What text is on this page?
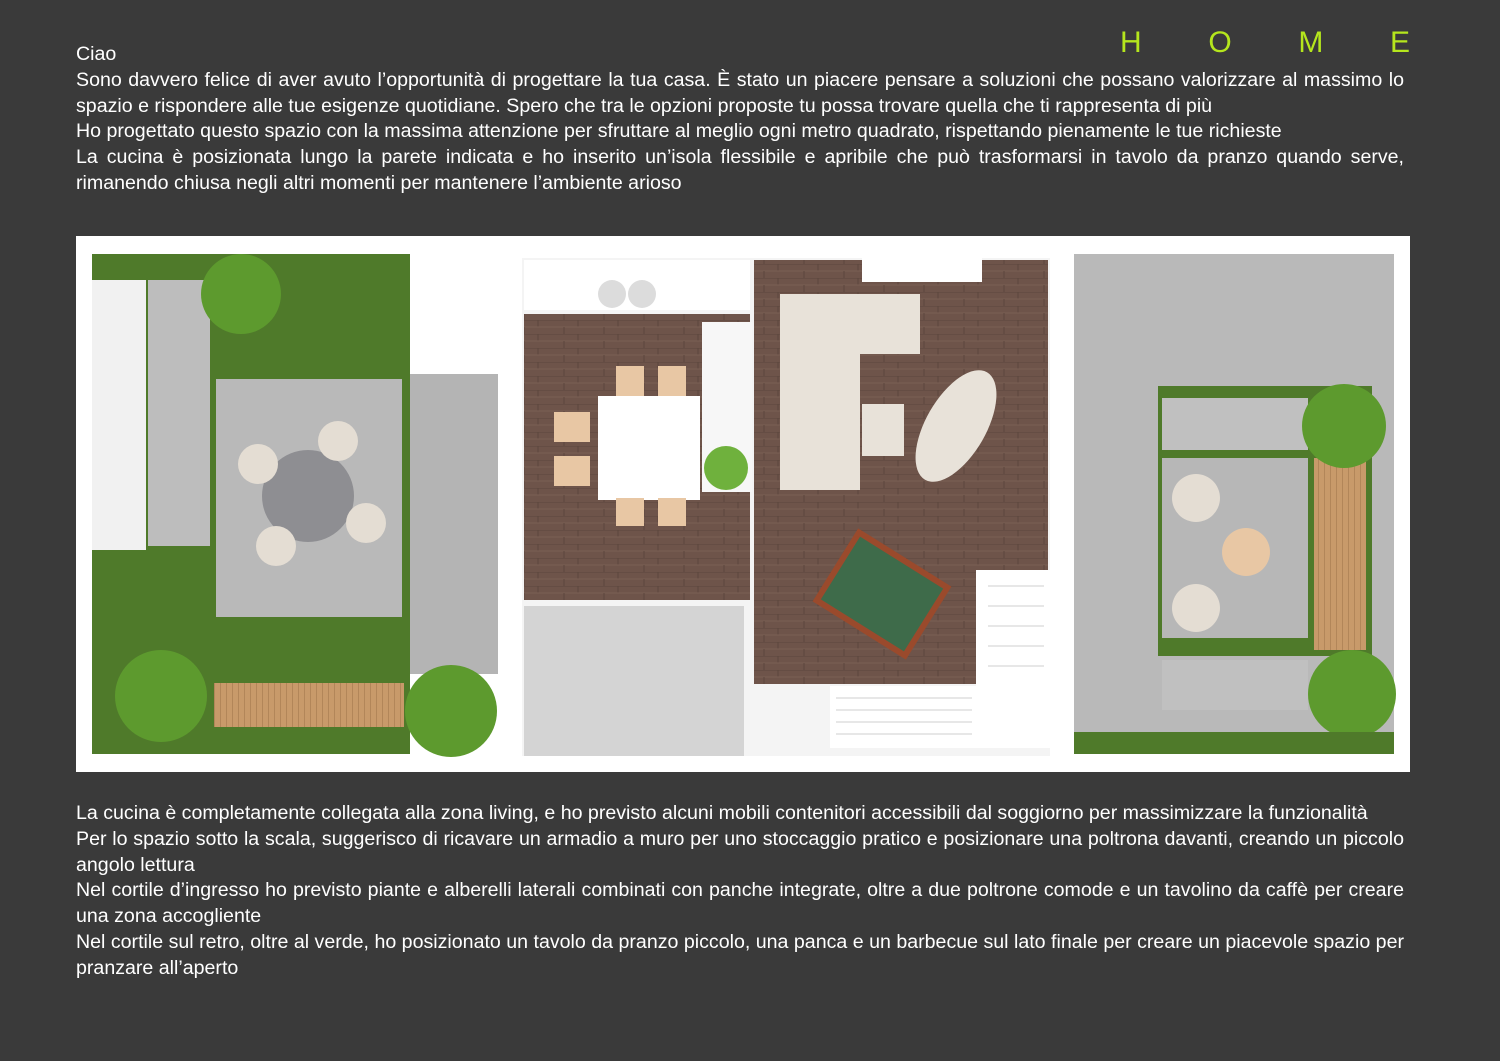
H O M E

Ciao

Sono davvero felice di aver avuto l’opportunità di progettare la tua casa. È stato un piacere pensare a soluzioni che possano valorizzare al massimo lo spazio e rispondere alle tue esigenze quotidiane. Spero che tra le opzioni proposte tu possa trovare quella che ti rappresenta di più

Ho progettato questo spazio con la massima attenzione per sfruttare al meglio ogni metro quadrato, rispettando pienamente le tue richieste

La cucina è posizionata lungo la parete indicata e ho inserito un’isola flessibile e apribile che può trasformarsi in tavolo da pranzo quando serve, rimanendo chiusa negli altri momenti per mantenere l’ambiente arioso

La cucina è completamente collegata alla zona living, e ho previsto alcuni mobili contenitori accessibili dal soggiorno per massimizzare la funzionalità

Per lo spazio sotto la scala, suggerisco di ricavare un armadio a muro per uno stoccaggio pratico e posizionare una poltrona davanti, creando un piccolo angolo lettura

Nel cortile d’ingresso ho previsto piante e alberelli laterali combinati con panche integrate, oltre a due poltrone comode e un tavolino da caffè per creare una zona accogliente

Nel cortile sul retro, oltre al verde, ho posizionato un tavolo da pranzo piccolo, una panca e un barbecue sul lato finale per creare un piacevole spazio per pranzare all’aperto
